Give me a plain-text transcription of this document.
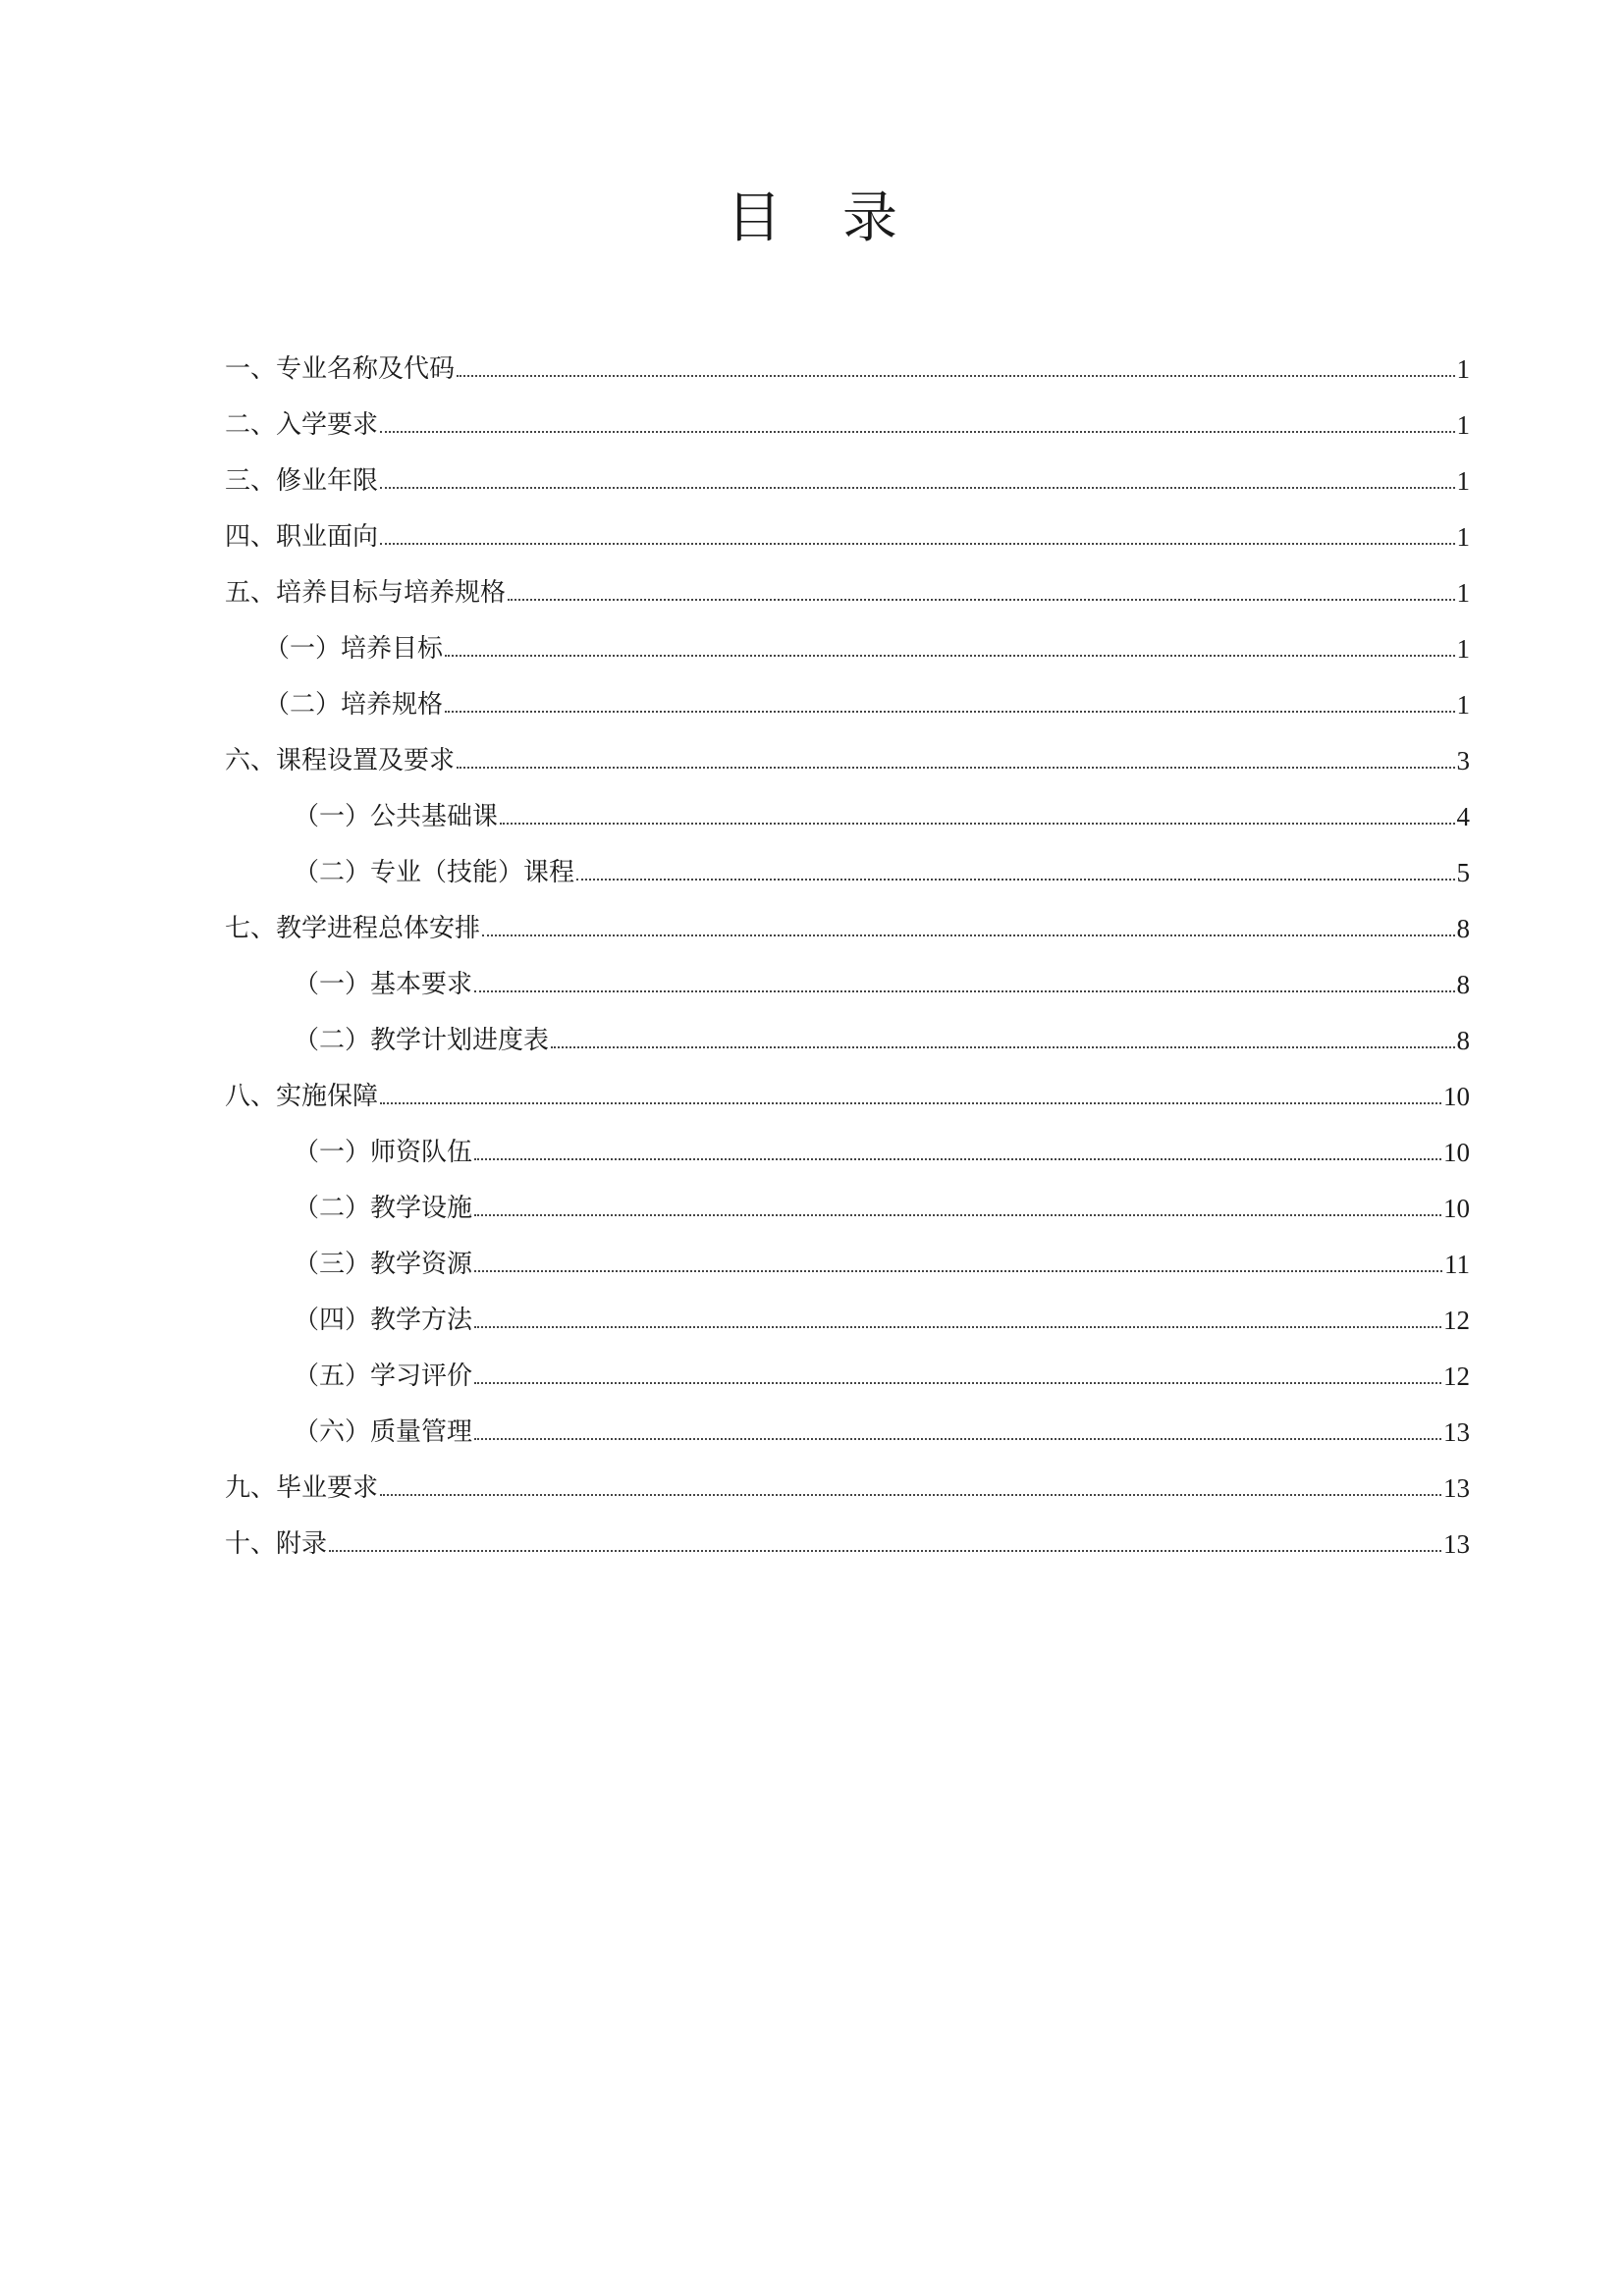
目 录
一、专业名称及代码	1
二、入学要求	1
三、修业年限	1
四、职业面向	1
五、培养目标与培养规格	1
（一）培养目标	1
（二）培养规格	1
六、课程设置及要求	3
（一）公共基础课	4
（二）专业（技能）课程	5
七、教学进程总体安排	8
（一）基本要求	8
（二）教学计划进度表	8
八、实施保障	10
（一）师资队伍	10
（二）教学设施	10
（三）教学资源	11
（四）教学方法	12
（五）学习评价	12
（六）质量管理	13
九、毕业要求	13
十、附录	13
